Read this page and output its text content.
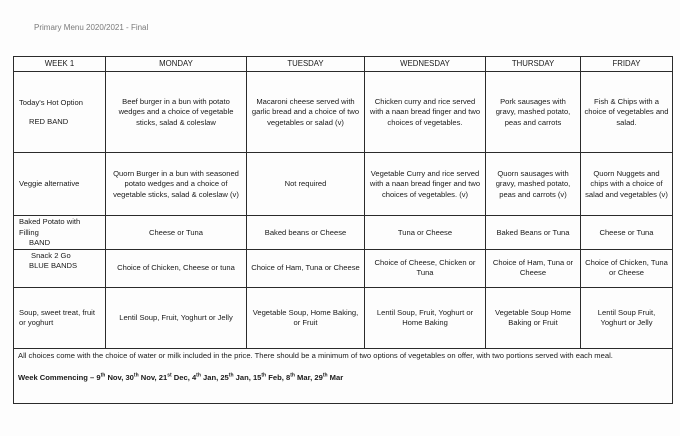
Primary Menu 2020/2021 - Final
WEEK 1	MONDAY	TUESDAY	WEDNESDAY	THURSDAY	FRIDAY

Today's Hot Option
RED BAND	Beef burger in a bun with potato wedges and a choice of vegetable sticks, salad & coleslaw	Macaroni cheese served with garlic bread and a choice of two vegetables or salad (v)	Chicken curry and rice served with a naan bread finger and two choices of vegetables.	Pork sausages with gravy, mashed potato, peas and carrots	Fish & Chips with a choice of vegetables and salad.
Veggie alternative	Quorn Burger in a bun with seasoned potato wedges and a choice of vegetable sticks, salad & coleslaw (v)	Not required	Vegetable Curry and rice served with a naan bread finger and two choices of vegetables. (v)	Quorn sausages with gravy, mashed potato, peas and carrots (v)	Quorn Nuggets and chips with a choice of salad and vegetables (v)

Baked Potato with Filling
BAND	Cheese or Tuna	Baked beans or Cheese	Tuna or Cheese	Baked Beans or Tuna	Cheese or Tuna

Snack 2 Go
BLUE BANDS	Choice of Chicken, Cheese or tuna	Choice of Ham, Tuna or Cheese	Choice of Cheese, Chicken or Tuna	Choice of Ham, Tuna or Cheese	Choice of Chicken, Tuna or Cheese
Soup, sweet treat, fruit or yoghurt	Lentil Soup, Fruit, Yoghurt or Jelly	Vegetable Soup, Home Baking, or Fruit	Lentil Soup, Fruit, Yoghurt or Home Baking	Vegetable Soup Home Baking or Fruit	Lentil Soup Fruit, Yoghurt or Jelly

All choices come with the choice of water or milk included in the price. There should be a minimum of two options of vegetables on offer, with two portions served with each meal.
Week Commencing – 9th Nov, 30th Nov, 21st Dec, 4th Jan, 25th Jan, 15th Feb, 8th Mar, 29th Mar					
